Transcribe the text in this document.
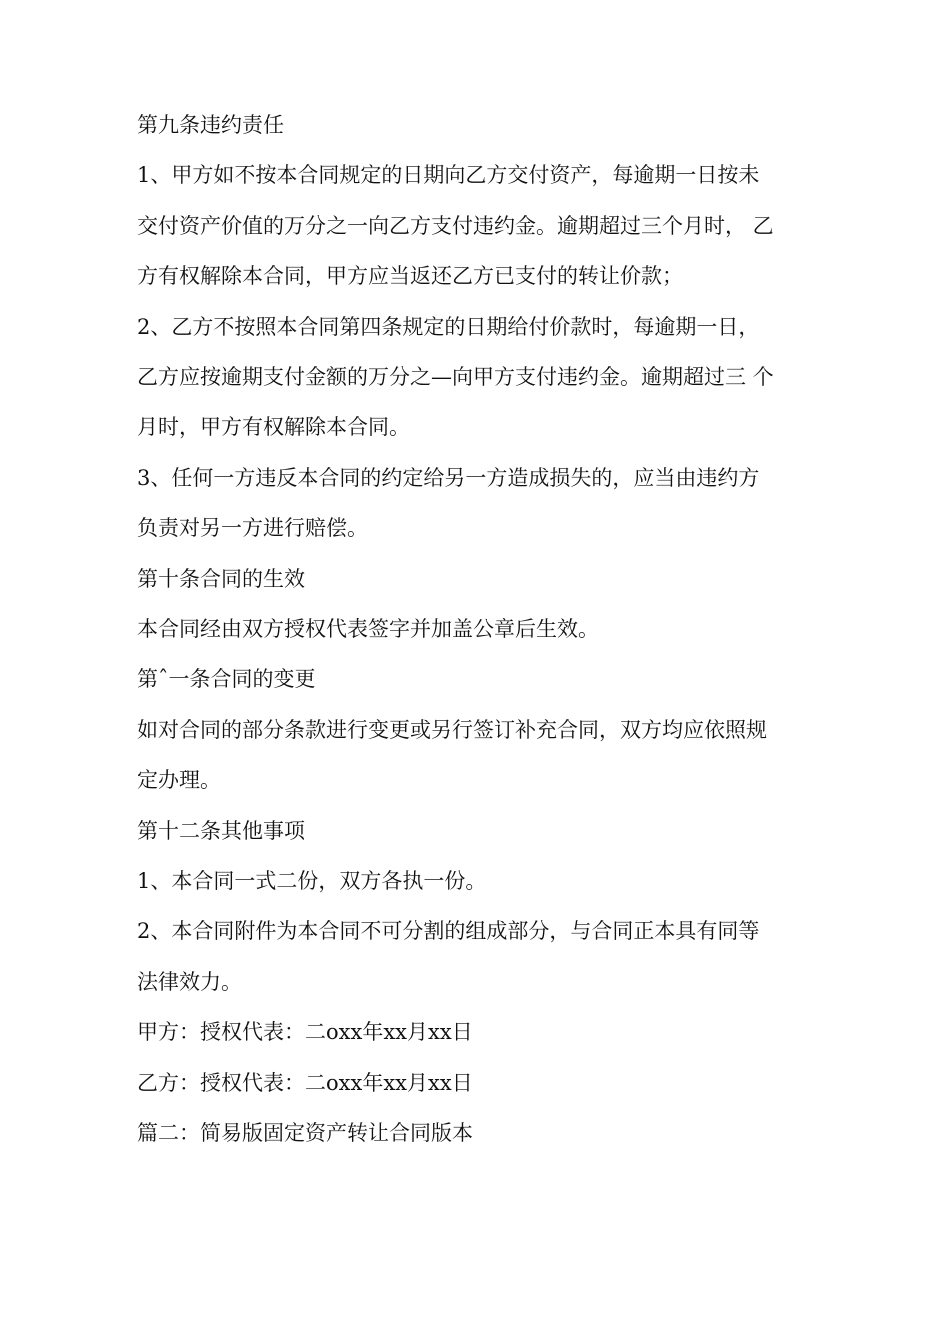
第九条违约责任
1、甲方如不按本合同规定的日期向乙方交付资产，每逾期一日按未
交付资产价值的万分之一向乙方支付违约金。逾期超过三个月时， 乙
方有权解除本合同，甲方应当返还乙方已支付的转让价款；
2、乙方不按照本合同第四条规定的日期给付价款时，每逾期一日，
乙方应按逾期支付金额的万分之—向甲方支付违约金。逾期超过三 个
月时，甲方有权解除本合同。
3、任何一方违反本合同的约定给另一方造成损失的，应当由违约方
负责对另一方进行赔偿。
第十条合同的生效
本合同经由双方授权代表签字并加盖公章后生效。
第ˆ一条合同的变更
如对合同的部分条款进行变更或另行签订补充合同，双方均应依照规
定办理。
第十二条其他事项
1、本合同一式二份，双方各执一份。
2、本合同附件为本合同不可分割的组成部分，与合同正本具有同等
法律效力。
甲方：授权代表：二oxx年xx月xx日
乙方：授权代表：二oxx年xx月xx日
篇二：简易版固定资产转让合同版本
